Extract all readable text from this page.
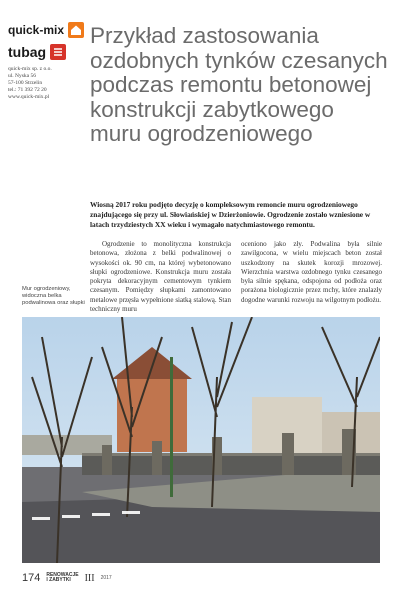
quick-mix
tubag
quick-mix sp. z o.o.
ul. Nyska 56
57-100 Strzelin
tel.: 71 392 72 20
www.quick-mix.pl
Przykład zastosowania ozdobnych tynków czesanych podczas remontu betonowej konstrukcji zabytkowego muru ogrodzeniowego

Wiosną 2017 roku podjęto decyzję o kompleksowym remoncie muru ogrodzeniowego znajdującego się przy ul. Słowiańskiej w Dzierżoniowie. Ogrodzenie zostało wzniesione w latach trzydziestych XX wieku i wymagało natychmiastowego remontu.

Ogrodzenie to monolityczna konstrukcja betonowa, złożona z belki podwalinowej o wysokości ok. 90 cm, na której wybetonowano słupki ogrodzeniowe. Konstrukcja muru została pokryta dekoracyjnym cementowym tynkiem czesanym. Pomiędzy słupkami zamontowano metalowe przęsła wypełnione siatką stalową. Stan techniczny muru
oceniono jako zły. Podwalina była silnie zawilgocona, w wielu miejscach beton został uszkodzony na skutek korozji mrozowej. Wierzchnia warstwa ozdobnego tynku czesanego była silnie spękana, odspojona od podłoża oraz porażona biologicznie przez mchy, które znalazły dogodne warunki rozwoju na wilgotnym podłożu.
Mur ogrodzeniowy, widoczna belka podwalinowa oraz słupki
174 RENOWACJE
I ZABYTKI	III 2017
